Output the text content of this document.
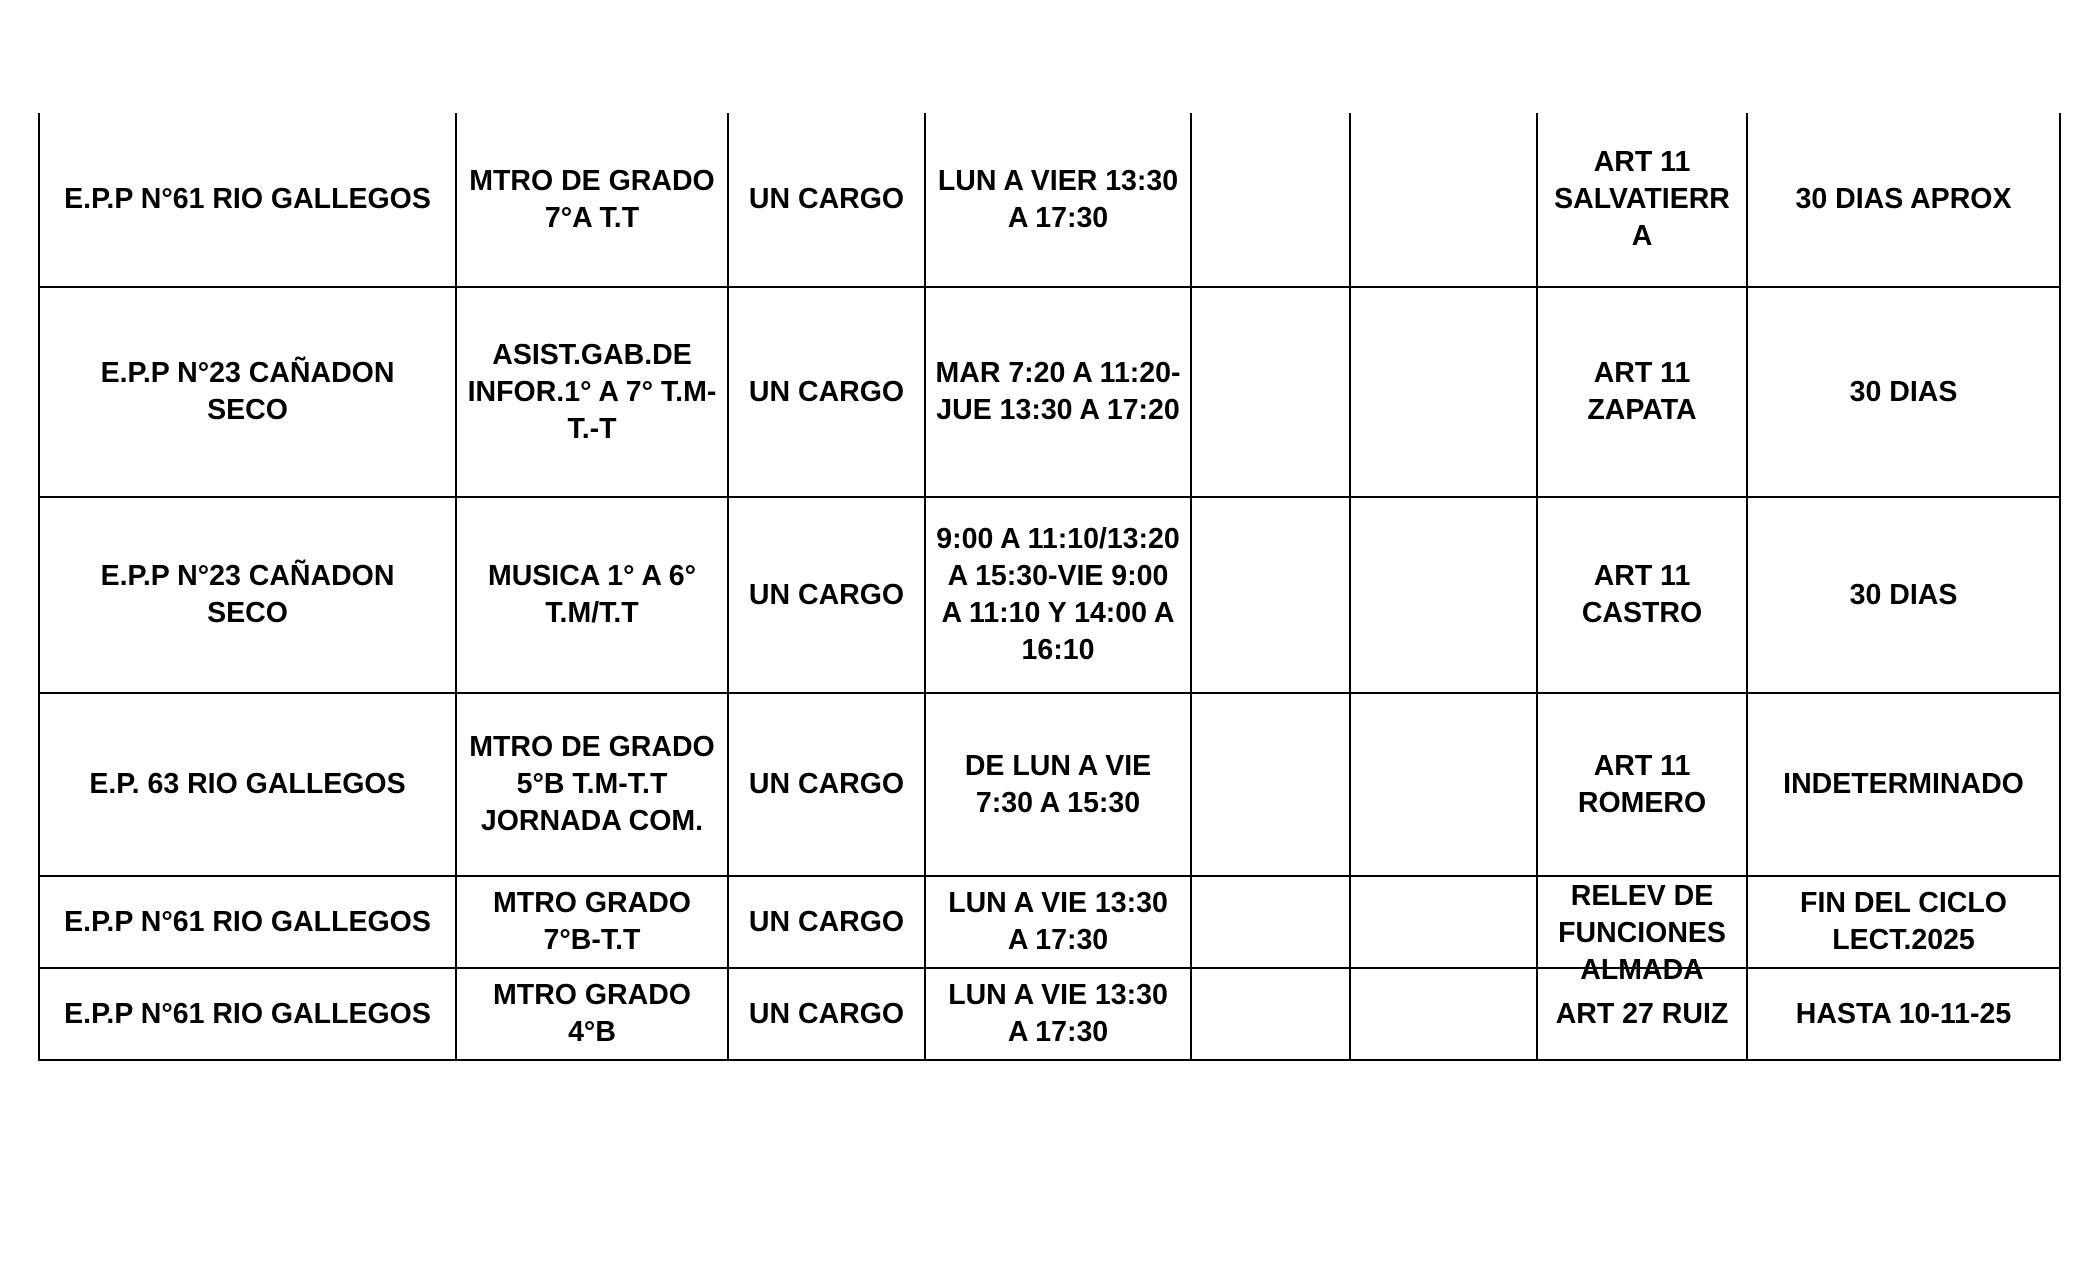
E.P.P N°61 RIO GALLEGOS	MTRO DE GRADO
7°A T.T	UN CARGO	LUN A VIER 13:30
A 17:30			ART 11
SALVATIERR
A	30 DIAS APROX

E.P.P N°23 CAÑADON
SECO	ASIST.GAB.DE
INFOR.1° A 7° T.M-
T.-T	UN CARGO	MAR 7:20 A 11:20-
JUE 13:30 A 17:20			ART 11
ZAPATA	30 DIAS

E.P.P N°23 CAÑADON
SECO	MUSICA 1° A 6°
T.M/T.T	UN CARGO	9:00 A 11:10/13:20
A 15:30-VIE 9:00
A 11:10 Y 14:00 A
16:10			ART 11
CASTRO	30 DIAS

E.P. 63 RIO GALLEGOS	MTRO DE GRADO
5°B T.M-T.T
JORNADA COM.	UN CARGO	DE LUN A VIE
7:30 A 15:30			ART 11
ROMERO	INDETERMINADO

E.P.P N°61 RIO GALLEGOS	MTRO GRADO
7°B-T.T	UN CARGO	LUN A VIE 13:30
A 17:30			RELEV DE
FUNCIONES
ALMADA	FIN DEL CICLO
LECT.2025

E.P.P N°61 RIO GALLEGOS	MTRO GRADO
4°B	UN CARGO	LUN A VIE 13:30
A 17:30			ART 27 RUIZ	HASTA 10-11-25
